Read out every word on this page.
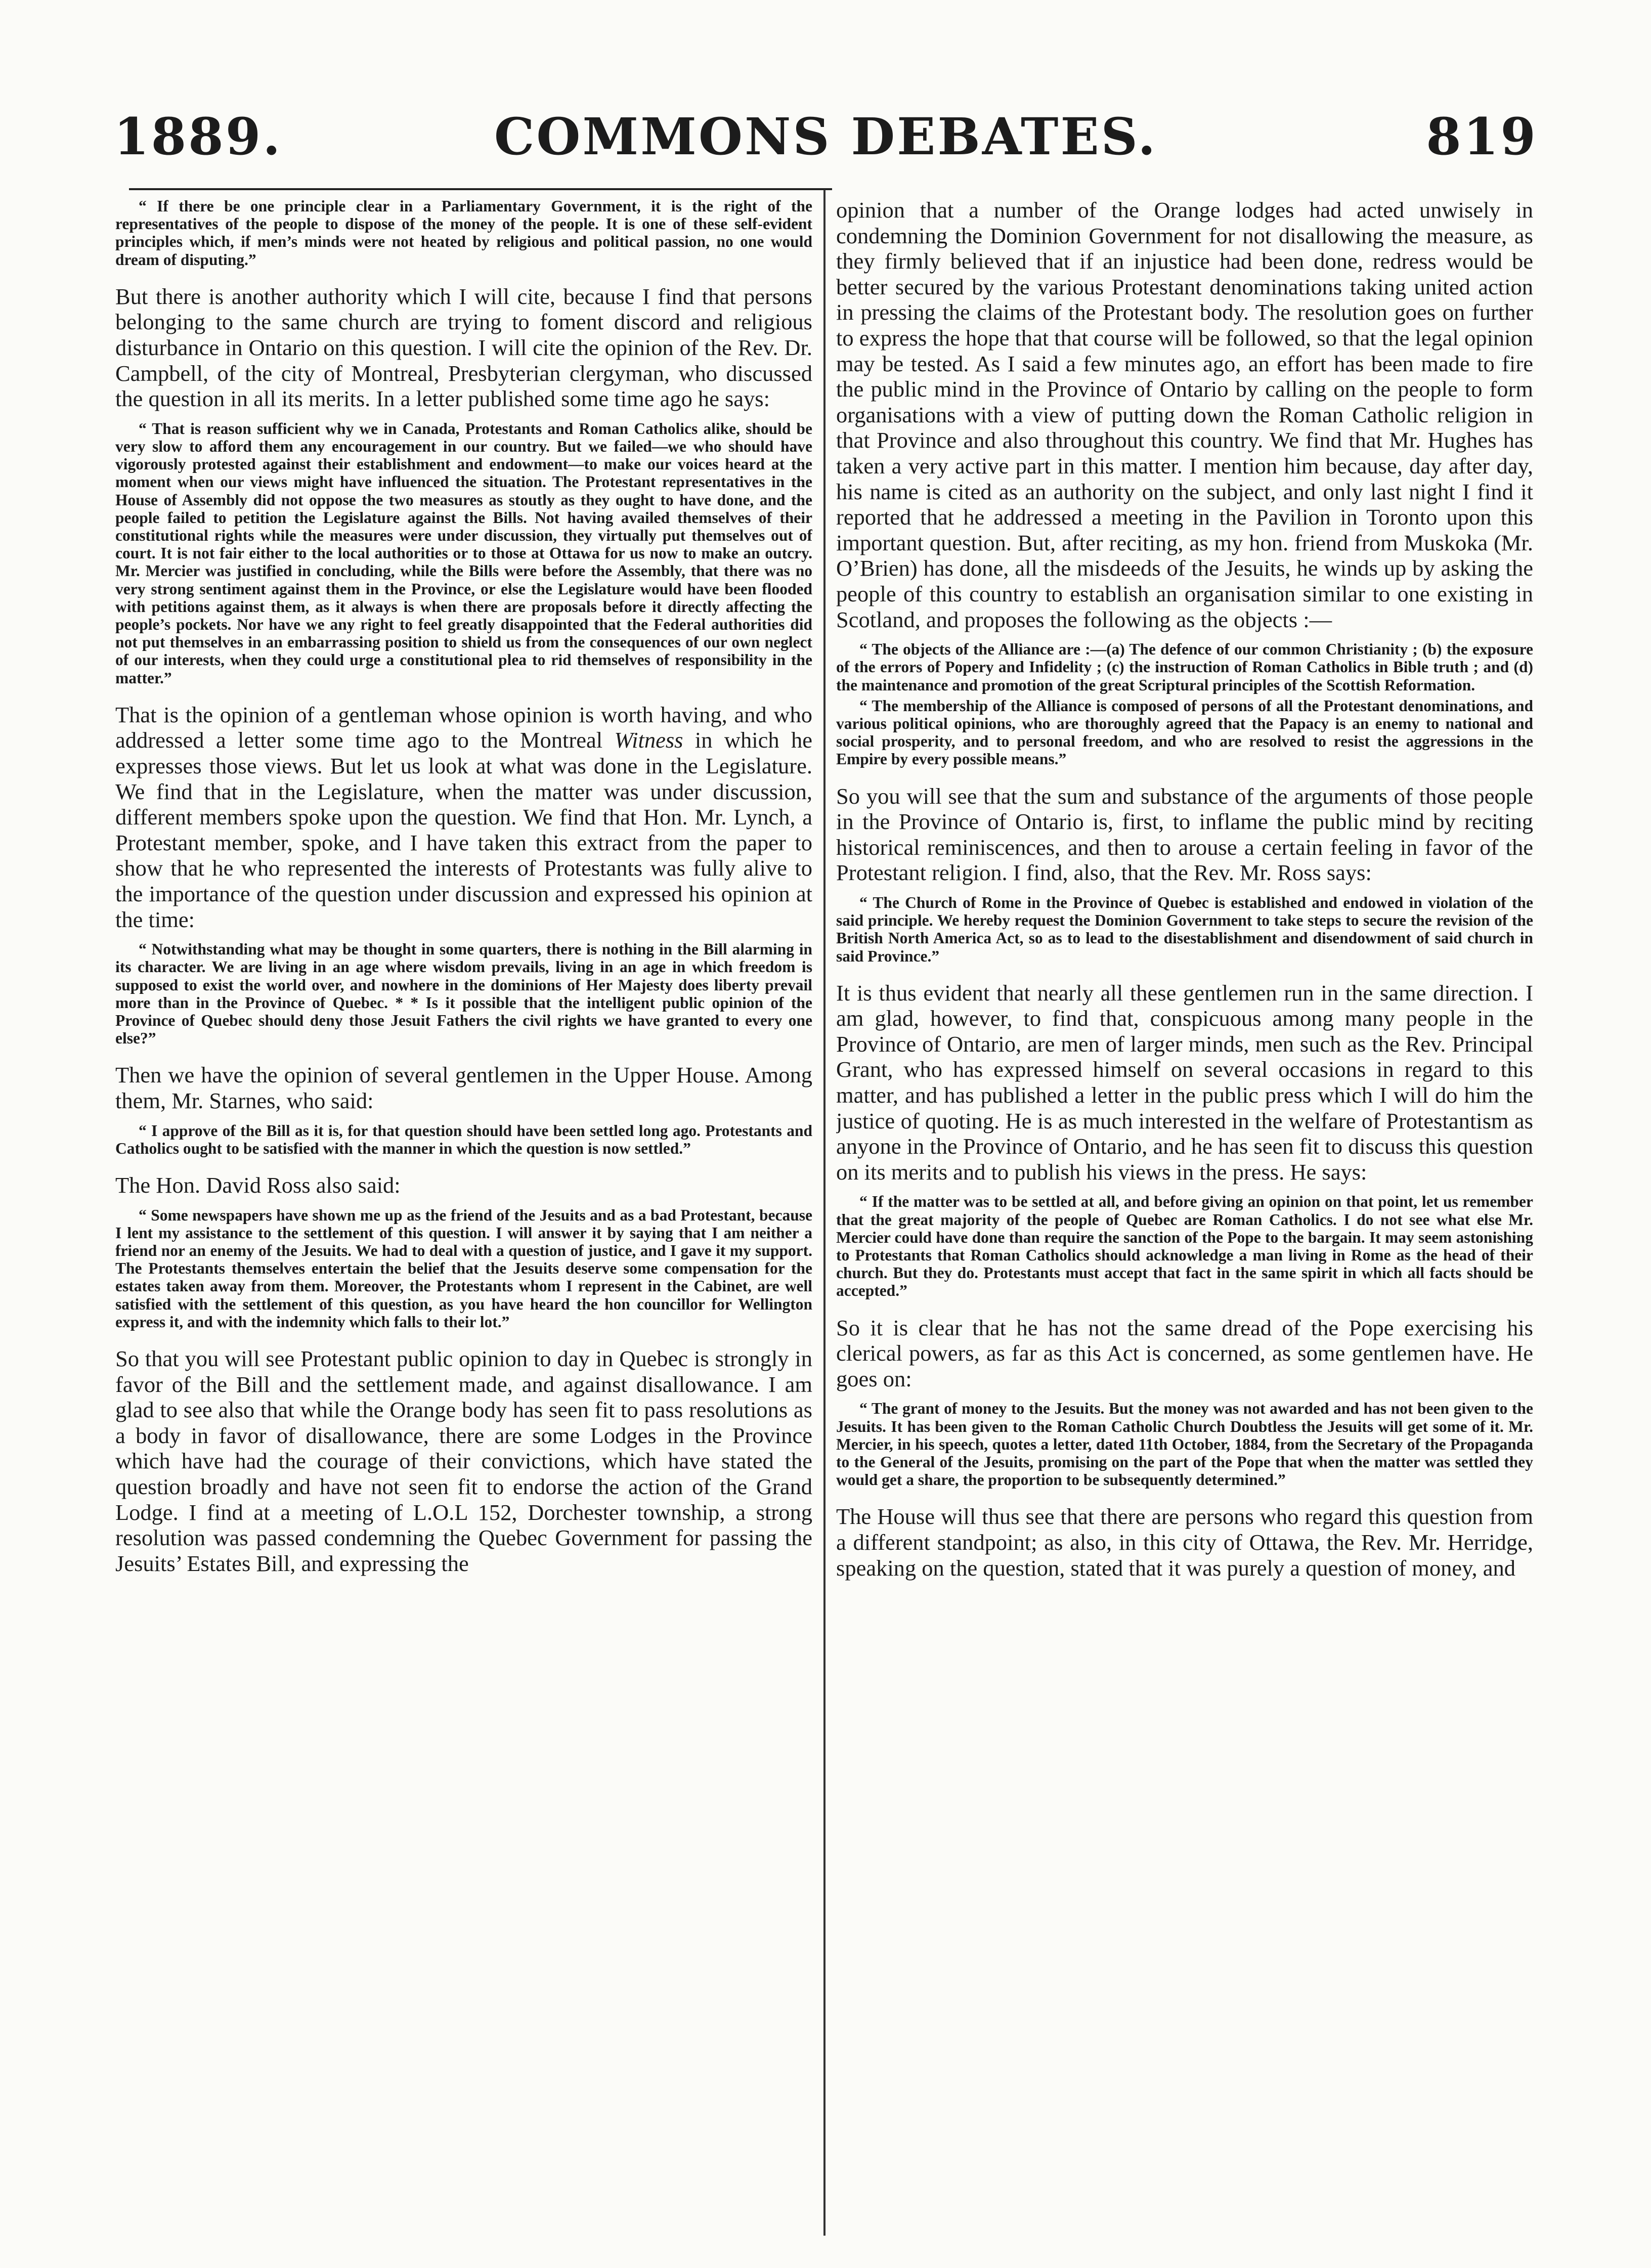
1889.	COMMONS DEBATES.	819

“ If there be one principle clear in a Parliamentary Government, it is the right of the representatives of the people to dispose of the money of the people. It is one of these self-evident principles which, if men’s minds were not heated by religious and political passion, no one would dream of disputing.”

But there is another authority which I will cite, because I find that persons belonging to the same church are trying to foment discord and religious disturbance in Ontario on this question. I will cite the opinion of the Rev. Dr. Campbell, of the city of Montreal, Presbyterian clergyman, who discussed the question in all its merits. In a letter published some time ago he says:

“ That is reason sufficient why we in Canada, Protestants and Roman Catholics alike, should be very slow to afford them any encouragement in our country. But we failed—we who should have vigorously protested against their establishment and endowment—to make our voices heard at the moment when our views might have influenced the situation. The Protestant representatives in the House of Assembly did not oppose the two measures as stoutly as they ought to have done, and the people failed to petition the Legislature against the Bills. Not having availed themselves of their constitutional rights while the measures were under discussion, they virtually put themselves out of court. It is not fair either to the local authorities or to those at Ottawa for us now to make an outcry. Mr. Mercier was justified in concluding, while the Bills were before the Assembly, that there was no very strong sentiment against them in the Province, or else the Legislature would have been flooded with petitions against them, as it always is when there are proposals before it directly affecting the people’s pockets. Nor have we any right to feel greatly disappointed that the Federal authorities did not put themselves in an embarrassing position to shield us from the consequences of our own neglect of our interests, when they could urge a constitutional plea to rid themselves of responsibility in the matter.”

That is the opinion of a gentleman whose opinion is worth having, and who addressed a letter some time ago to the Montreal Witness in which he expresses those views. But let us look at what was done in the Legislature. We find that in the Legislature, when the matter was under discussion, different members spoke upon the question. We find that Hon. Mr. Lynch, a Protestant member, spoke, and I have taken this extract from the paper to show that he who represented the interests of Protestants was fully alive to the importance of the question under discussion and expressed his opinion at the time:

“ Notwithstanding what may be thought in some quarters, there is nothing in the Bill alarming in its character. We are living in an age where wisdom prevails, living in an age in which freedom is supposed to exist the world over, and nowhere in the dominions of Her Majesty does liberty prevail more than in the Province of Quebec. * * Is it possible that the intelligent public opinion of the Province of Quebec should deny those Jesuit Fathers the civil rights we have granted to every one else?”

Then we have the opinion of several gentlemen in the Upper House. Among them, Mr. Starnes, who said:

“ I approve of the Bill as it is, for that question should have been settled long ago. Protestants and Catholics ought to be satisfied with the manner in which the question is now settled.”

The Hon. David Ross also said:

“ Some newspapers have shown me up as the friend of the Jesuits and as a bad Protestant, because I lent my assistance to the settlement of this question. I will answer it by saying that I am neither a friend nor an enemy of the Jesuits. We had to deal with a question of justice, and I gave it my support. The Protestants themselves entertain the belief that the Jesuits deserve some compensation for the estates taken away from them. Moreover, the Protestants whom I represent in the Cabinet, are well satisfied with the settlement of this question, as you have heard the hon councillor for Wellington express it, and with the indemnity which falls to their lot.”

So that you will see Protestant public opinion to day in Quebec is strongly in favor of the Bill and the settlement made, and against disallowance. I am glad to see also that while the Orange body has seen fit to pass resolutions as a body in favor of disallowance, there are some Lodges in the Province which have had the courage of their convictions, which have stated the question broadly and have not seen fit to endorse the action of the Grand Lodge. I find at a meeting of L.O.L 152, Dorchester township, a strong resolution was passed condemning the Quebec Government for passing the Jesuits’ Estates Bill, and expressing the

opinion that a number of the Orange lodges had acted unwisely in condemning the Dominion Government for not disallowing the measure, as they firmly believed that if an injustice had been done, redress would be better secured by the various Protestant denominations taking united action in pressing the claims of the Protestant body. The resolution goes on further to express the hope that that course will be followed, so that the legal opinion may be tested. As I said a few minutes ago, an effort has been made to fire the public mind in the Province of Ontario by calling on the people to form organisations with a view of putting down the Roman Catholic religion in that Province and also throughout this country. We find that Mr. Hughes has taken a very active part in this matter. I mention him because, day after day, his name is cited as an authority on the subject, and only last night I find it reported that he addressed a meeting in the Pavilion in Toronto upon this important question. But, after reciting, as my hon. friend from Muskoka (Mr. O’Brien) has done, all the misdeeds of the Jesuits, he winds up by asking the people of this country to establish an organisation similar to one existing in Scotland, and proposes the following as the objects :—

“ The objects of the Alliance are :—(a) The defence of our common Christianity ; (b) the exposure of the errors of Popery and Infidelity ; (c) the instruction of Roman Catholics in Bible truth ; and (d) the maintenance and promotion of the great Scriptural principles of the Scottish Reformation.

“ The membership of the Alliance is composed of persons of all the Protestant denominations, and various political opinions, who are thoroughly agreed that the Papacy is an enemy to national and social prosperity, and to personal freedom, and who are resolved to resist the aggressions in the Empire by every possible means.”

So you will see that the sum and substance of the arguments of those people in the Province of Ontario is, first, to inflame the public mind by reciting historical reminiscences, and then to arouse a certain feeling in favor of the Protestant religion. I find, also, that the Rev. Mr. Ross says:

“ The Church of Rome in the Province of Quebec is established and endowed in violation of the said principle. We hereby request the Dominion Government to take steps to secure the revision of the British North America Act, so as to lead to the disestablishment and disendowment of said church in said Province.”

It is thus evident that nearly all these gentlemen run in the same direction. I am glad, however, to find that, conspicuous among many people in the Province of Ontario, are men of larger minds, men such as the Rev. Principal Grant, who has expressed himself on several occasions in regard to this matter, and has published a letter in the public press which I will do him the justice of quoting. He is as much interested in the welfare of Protestantism as anyone in the Province of Ontario, and he has seen fit to discuss this question on its merits and to publish his views in the press. He says:

“ If the matter was to be settled at all, and before giving an opinion on that point, let us remember that the great majority of the people of Quebec are Roman Catholics. I do not see what else Mr. Mercier could have done than require the sanction of the Pope to the bargain. It may seem astonishing to Protestants that Roman Catholics should acknowledge a man living in Rome as the head of their church. But they do. Protestants must accept that fact in the same spirit in which all facts should be accepted.”

So it is clear that he has not the same dread of the Pope exercising his clerical powers, as far as this Act is concerned, as some gentlemen have. He goes on:

“ The grant of money to the Jesuits. But the money was not awarded and has not been given to the Jesuits. It has been given to the Roman Catholic Church Doubtless the Jesuits will get some of it. Mr. Mercier, in his speech, quotes a letter, dated 11th October, 1884, from the Secretary of the Propaganda to the General of the Jesuits, promising on the part of the Pope that when the matter was settled they would get a share, the proportion to be subsequently determined.”

The House will thus see that there are persons who regard this question from a different standpoint; as also, in this city of Ottawa, the Rev. Mr. Herridge, speaking on the question, stated that it was purely a question of money, and
